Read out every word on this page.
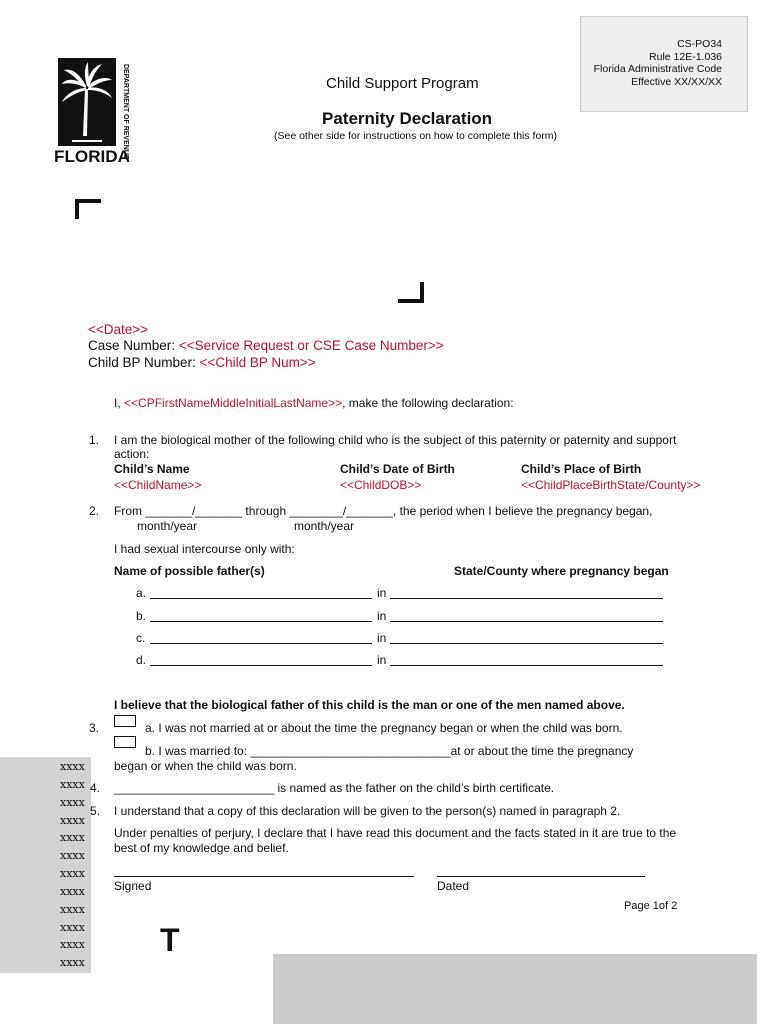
CS-PO34
Rule 12E-1.036
Florida Administrative Code
Effective XX/XX/XX
DEPARTMENT OF REVENUE
FLORIDA
Child Support Program
Paternity Declaration
(See other side for instructions on how to complete this form)
<<Date>>
Case Number: <<Service Request or CSE Case Number>>
Child BP Number: <<Child BP Num>>
I, <<CPFirstNameMiddleInitialLastName>>, make the following declaration:
1. I am the biological mother of the following child who is the subject of this paternity or paternity and support
action:
Child’s Name	Child’s Date of Birth	Child’s Place of Birth
<<ChildName>>	<<ChildDOB>>	<<ChildPlaceBirthState/County>>
2. From _______/_______ through ________/_______, the period when I believe the pregnancy began,
month/year	month/year
I had sexual intercourse only with:
Name of possible father(s)	State/County where pregnancy began
a.	in
b.	in
c.	in
d.	in
I believe that the biological father of this child is the man or one of the men named above.
xxxx
xxxx
xxxx
xxxx
xxxx
xxxx
xxxx
xxxx
xxxx
xxxx
xxxx
xxxx
3.	a. I was not married at or about the time the pregnancy began or when the child was born.
b. I was married to: ______________________________at or about the time the pregnancy
began or when the child was born.
4. ________________________ is named as the father on the child’s birth certificate.
5. I understand that a copy of this declaration will be given to the person(s) named in paragraph 2.
Under penalties of perjury, I declare that I have read this document and the facts stated in it are true to the
best of my knowledge and belief.
Signed	Dated
Page 1of 2
T
